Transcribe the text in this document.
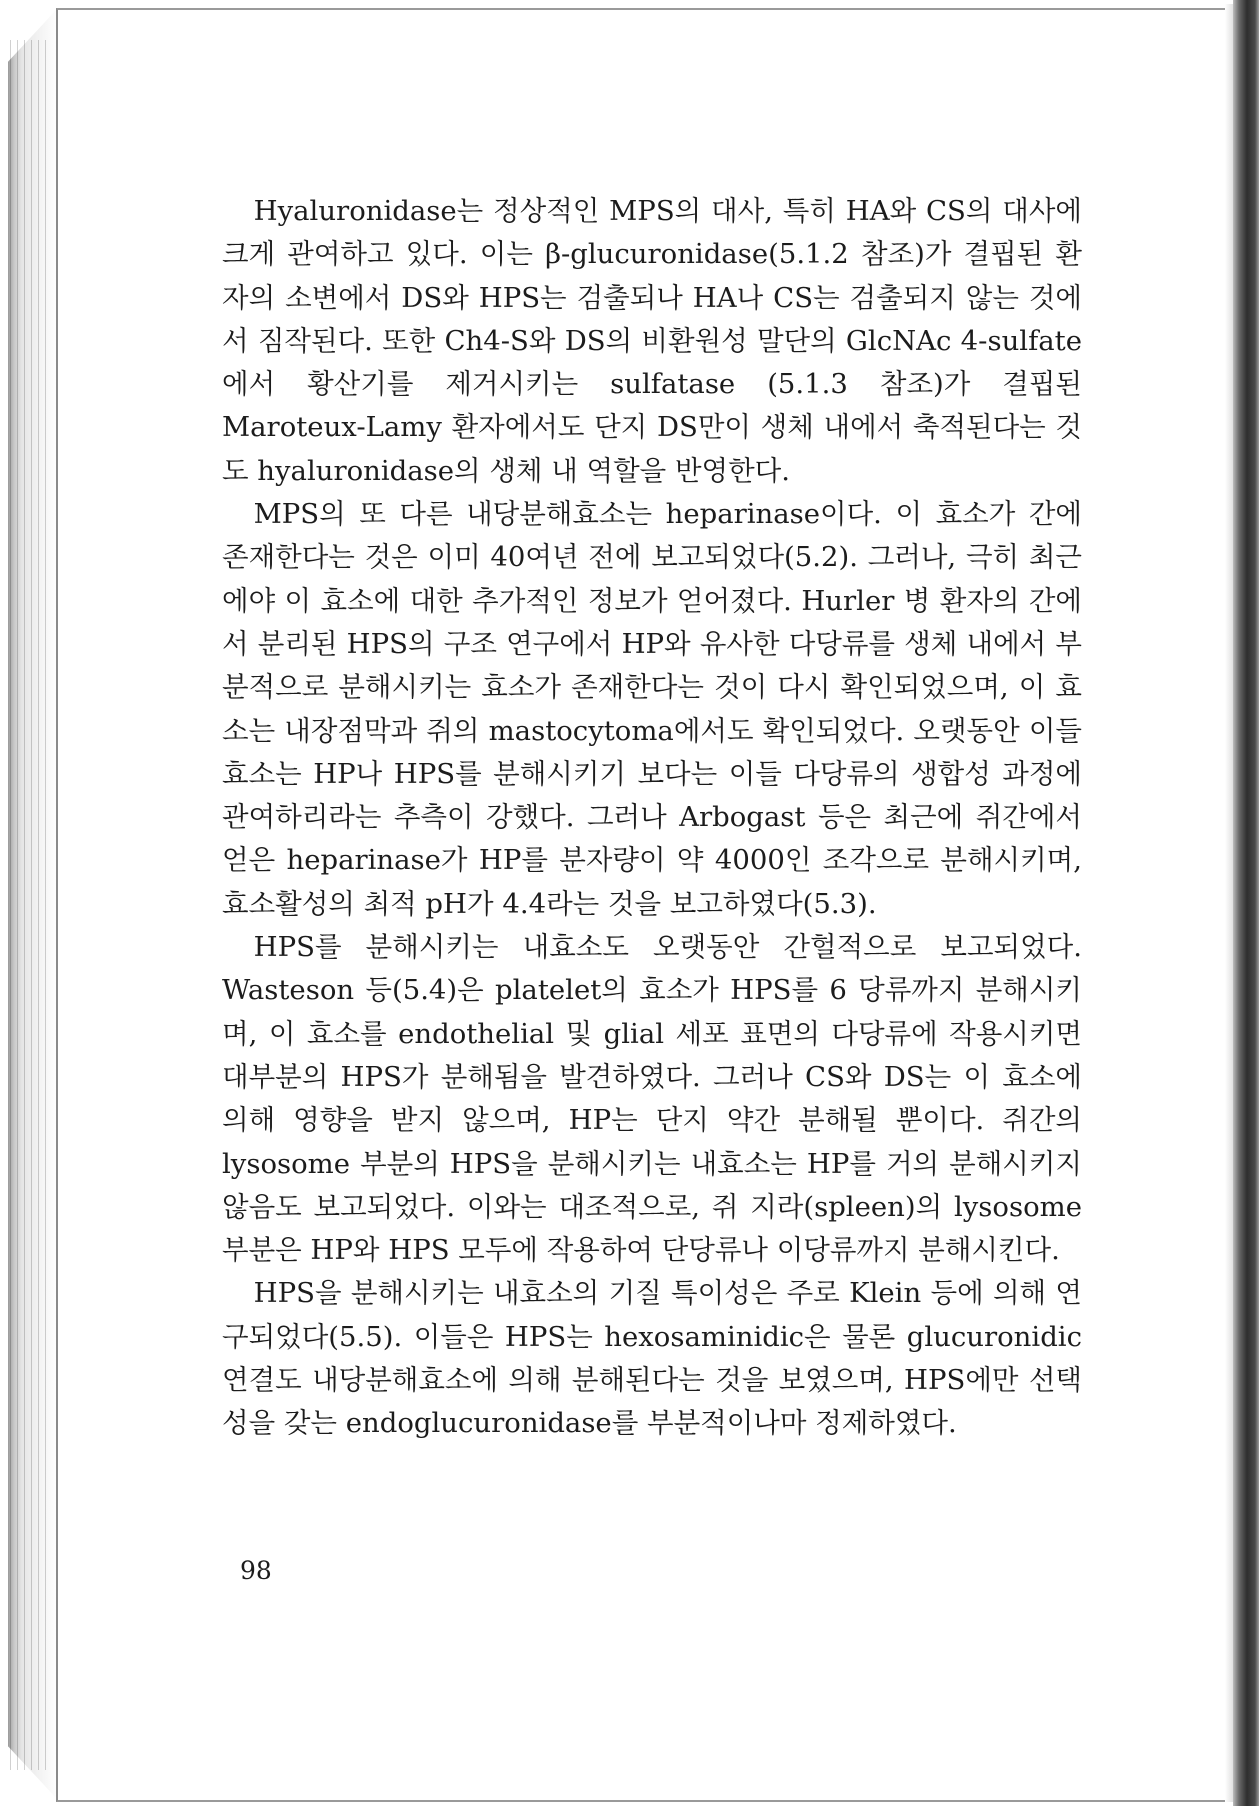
Hyaluronidase는 정상적인 MPS의 대사, 특히 HA와 CS의 대사에 크게 관여하고 있다. 이는 β-glucuronidase(5.1.2 참조)가 결핍된 환자의 소변에서 DS와 HPS는 검출되나 HA나 CS는 검출되지 않는 것에서 짐작된다. 또한 Ch4-S와 DS의 비환원성 말단의 GlcNAc 4-sulfate에서 황산기를 제거시키는 sulfatase (5.1.3 참조)가 결핍된 Maroteux-Lamy 환자에서도 단지 DS만이 생체 내에서 축적된다는 것도 hyaluronidase의 생체 내 역할을 반영한다.

MPS의 또 다른 내당분해효소는 heparinase이다. 이 효소가 간에 존재한다는 것은 이미 40여년 전에 보고되었다(5.2). 그러나, 극히 최근에야 이 효소에 대한 추가적인 정보가 얻어졌다. Hurler 병 환자의 간에서 분리된 HPS의 구조 연구에서 HP와 유사한 다당류를 생체 내에서 부분적으로 분해시키는 효소가 존재한다는 것이 다시 확인되었으며, 이 효소는 내장점막과 쥐의 mastocytoma에서도 확인되었다. 오랫동안 이들 효소는 HP나 HPS를 분해시키기 보다는 이들 다당류의 생합성 과정에 관여하리라는 추측이 강했다. 그러나 Arbogast 등은 최근에 쥐간에서 얻은 heparinase가 HP를 분자량이 약 4000인 조각으로 분해시키며, 효소활성의 최적 pH가 4.4라는 것을 보고하였다(5.3).

HPS를 분해시키는 내효소도 오랫동안 간헐적으로 보고되었다. Wasteson 등(5.4)은 platelet의 효소가 HPS를 6 당류까지 분해시키며, 이 효소를 endothelial 및 glial 세포 표면의 다당류에 작용시키면 대부분의 HPS가 분해됨을 발견하였다. 그러나 CS와 DS는 이 효소에 의해 영향을 받지 않으며, HP는 단지 약간 분해될 뿐이다. 쥐간의 lysosome 부분의 HPS을 분해시키는 내효소는 HP를 거의 분해시키지 않음도 보고되었다. 이와는 대조적으로, 쥐 지라(spleen)의 lysosome 부분은 HP와 HPS 모두에 작용하여 단당류나 이당류까지 분해시킨다.

HPS을 분해시키는 내효소의 기질 특이성은 주로 Klein 등에 의해 연구되었다(5.5). 이들은 HPS는 hexosaminidic은 물론 glucuronidic 연결도 내당분해효소에 의해 분해된다는 것을 보였으며, HPS에만 선택성을 갖는 endoglucuronidase를 부분적이나마 정제하였다.

98
